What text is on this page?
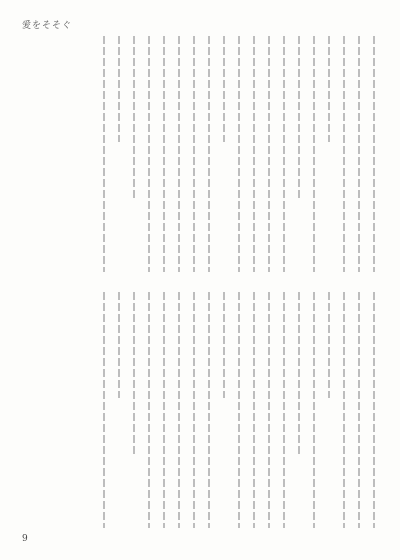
愛をそそぐ
9
